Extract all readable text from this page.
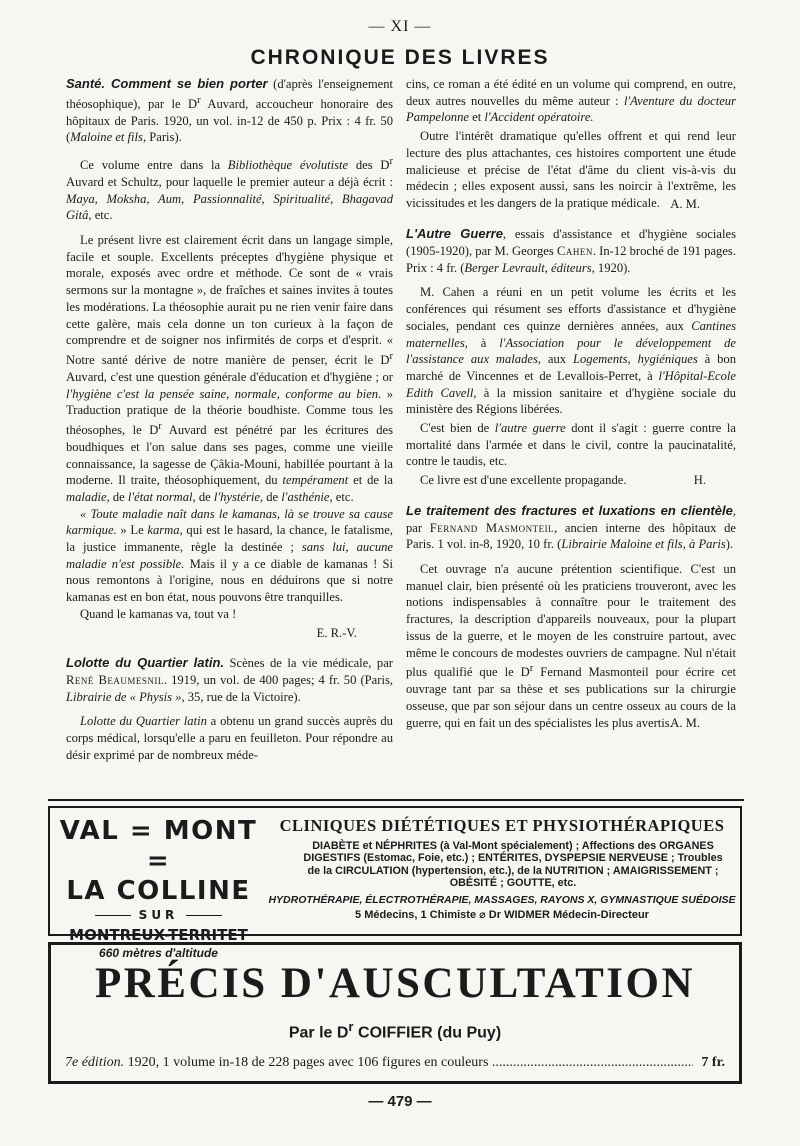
— XI —
CHRONIQUE DES LIVRES

Santé. Comment se bien porter (d'après l'enseignement théosophique), par le $D^r$ Auvard, accoucheur honoraire des hôpitaux de Paris. 1920, un vol. in-12 de 450 p. Prix : 4 fr. 50 (Maloine et fils, Paris).

Ce volume entre dans la Bibliothèque évolutiste des $D^r$ Auvard et Schultz, pour laquelle le premier auteur a déjà écrit : Maya, Moksha, Aum, Passionnalité, Spiritualité, Bhagavad Gitâ, etc.

Le présent livre est clairement écrit dans un langage simple, facile et souple. Excellents préceptes d'hygiène physique et morale, exposés avec ordre et méthode. Ce sont de « vrais sermons sur la montagne », de fraîches et saines invites à toutes les modérations. La théosophie aurait pu ne rien venir faire dans cette galère, mais cela donne un ton curieux à la façon de comprendre et de soigner nos infirmités de corps et d'esprit. « Notre santé dérive de notre manière de penser, écrit le $D^r$ Auvard, c'est une question générale d'éducation et d'hygiène ; or l'hygiène c'est la pensée saine, normale, conforme au bien. » Traduction pratique de la théorie boudhiste. Comme tous les théosophes, le $D^r$ Auvard est pénétré par les écritures des boudhiques et l'on salue dans ses pages, comme une vieille connaissance, la sagesse de Çâkia-Mouni, habillée pourtant à la moderne. Il traite, théosophiquement, du tempérament et de la maladie, de l'état normal, de l'hystérie, de l'asthénie, etc.

« Toute maladie naît dans le kamanas, là se trouve sa cause karmique. » Le karma, qui est le hasard, la chance, le fatalisme, la justice immanente, règle la destinée ; sans lui, aucune maladie n'est possible. Mais il y a ce diable de kamanas ! Si nous remontons à l'origine, nous en déduirons que si notre kamanas est en bon état, nous pouvons être tranquilles.

Quand le kamanas va, tout va !

E. R.-V.

Lolotte du Quartier latin. Scènes de la vie médicale, par René Beaumesnil. 1919, un vol. de 400 pages; 4 fr. 50 (Paris, Librairie de « Physis », 35, rue de la Victoire).

Lolotte du Quartier latin a obtenu un grand succès auprès du corps médical, lorsqu'elle a paru en feuilleton. Pour répondre au désir exprimé par de nombreux méde-

cins, ce roman a été édité en un volume qui comprend, en outre, deux autres nouvelles du même auteur : l'Aventure du docteur Pampelonne et l'Accident opératoire.

Outre l'intérêt dramatique qu'elles offrent et qui rend leur lecture des plus attachantes, ces histoires comportent une étude malicieuse et précise de l'état d'âme du client vis-à-vis du médecin ; elles exposent aussi, sans les noircir à l'extrême, les vicissitudes et les dangers de la pratique médicale. A. M.

L'Autre Guerre, essais d'assistance et d'hygiène sociales (1905-1920), par M. Georges Cahen. In-12 broché de 191 pages. Prix : 4 fr. (Berger Levrault, éditeurs, 1920).

M. Cahen a réuni en un petit volume les écrits et les conférences qui résument ses efforts d'assistance et d'hygiène sociales, pendant ces quinze dernières années, aux Cantines maternelles, à l'Association pour le développement de l'assistance aux malades, aux Logements, hygiéniques à bon marché de Vincennes et de Levallois-Perret, à l'Hôpital-Ecole Edith Cavell, à la mission sanitaire et d'hygiène sociale du ministère des Régions libérées.

C'est bien de l'autre guerre dont il s'agit : guerre contre la mortalité dans l'armée et dans le civil, contre la paucinatalité, contre le taudis, etc.

Ce livre est d'une excellente propagande.	H.

Le traitement des fractures et luxations en clientèle, par Fernand Masmonteil, ancien interne des hôpitaux de Paris. 1 vol. in-8, 1920, 10 fr. (Librairie Maloine et fils, à Paris).

Cet ouvrage n'a aucune prétention scientifique. C'est un manuel clair, bien présenté où les praticiens trouveront, avec les notions indispensables à connaître pour le traitement des fractures, la description d'appareils nouveaux, pour la plupart issus de la guerre, et le moyen de les construire partout, avec même le concours de modestes ouvriers de campagne. Nul n'était plus qualifié que le $D^r$ Fernand Masmonteil pour écrire cet ouvrage tant par sa thèse et ses publications sur la chirurgie osseuse, que par son séjour dans un centre osseux au cours de la guerre, qui en fait un des spécialistes les plus avertis.

A. M.

VAL = MONT =
LA COLLINE
SUR
MONTREUX-TERRITET
660 mètres d'altitude
CLINIQUES DIÉTÉTIQUES ET PHYSIOTHÉRAPIQUES
DIABÈTE et NÉPHRITES (à Val-Mont spécialement) ; Affections des ORGANES DIGESTIFS (Estomac, Foie, etc.) ; ENTÉRITES, DYSPEPSIE NERVEUSE ; Troubles de la CIRCULATION (hypertension, etc.), de la NUTRITION ; AMAIGRISSEMENT ; OBÉSITÉ ; GOUTTE, etc.
HYDROTHÉRAPIE, ÉLECTROTHÉRAPIE, MASSAGES, RAYONS X, GYMNASTIQUE SUÉDOISE
5 Médecins, 1 Chimiste ⌀ Dr WIDMER Médecin-Directeur
PRÉCIS D'AUSCULTATION
Par le $D^r$ COIFFIER (du Puy)
7e édition. 1920, 1 volume in-18 de 228 pages avec 106 figures en couleurs .....	7 fr.
— 479 —
